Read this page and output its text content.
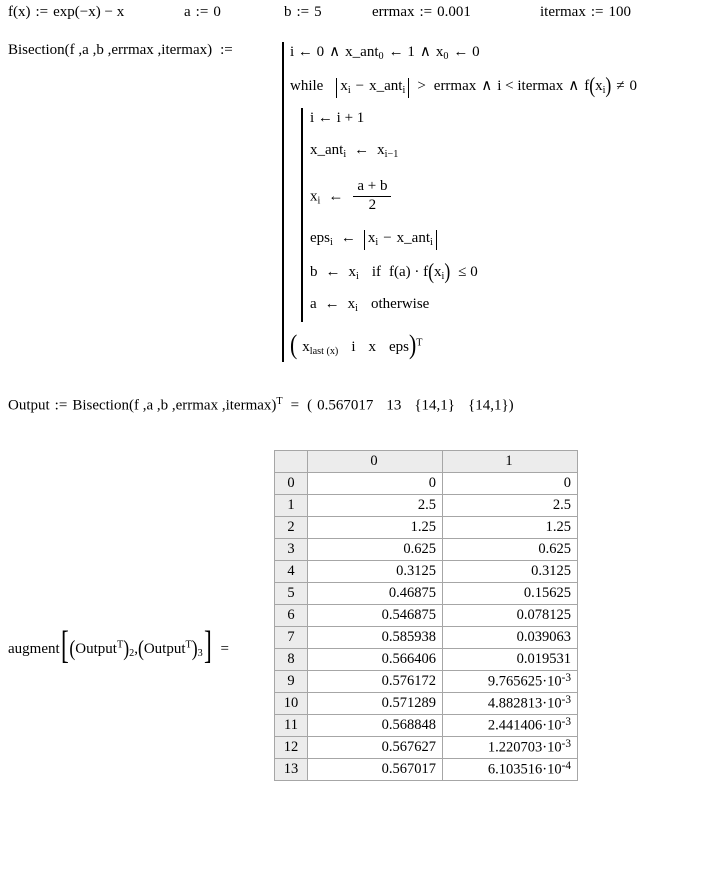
f(x) := exp(−x) − x	a := 0	b := 5	errmax := 0.001	itermax := 100
Bisection(f ,a ,b ,errmax ,itermax) :=	i ← 0 ∧ x_ant$_0$ ← 1 ∧ $x_0$ ← 0
while $x_i$ − x_ant$_i$ > errmax ∧ i < itermax ∧ $f(x_i) \ne 0$
i ← i + 1
x_ant$_i$ ← $x_{i-1}$
$x_i$ ← $\frac{a + b}{2}$
eps$_i$ ← $x_i$ − x_ant$_i$
b ← $x_i$ if $f(a) \cdot f(x_i) \le 0$
a ← $x_i$ otherwise
( $x_{last (x)}$ i x eps)$^T$
Output := Bisection(f ,a ,b ,errmax ,itermax)$^T$ = ( 0.567017 13 {14,1} {14,1})
$augment[(Output^T)_2,(Output^T)_3]$ =
	0	1
0	0	0
1	2.5	2.5
2	1.25	1.25
3	0.625	0.625
4	0.3125	0.3125
5	0.46875	0.15625
6	0.546875	0.078125
7	0.585938	0.039063
8	0.566406	0.019531
9	0.576172	$9.765625\cdot 10^{-3}$
10	0.571289	$4.882813\cdot 10^{-3}$
11	0.568848	$2.441406\cdot 10^{-3}$
12	0.567627	$1.220703\cdot 10^{-3}$
13	0.567017	$6.103516\cdot 10^{-4}$
